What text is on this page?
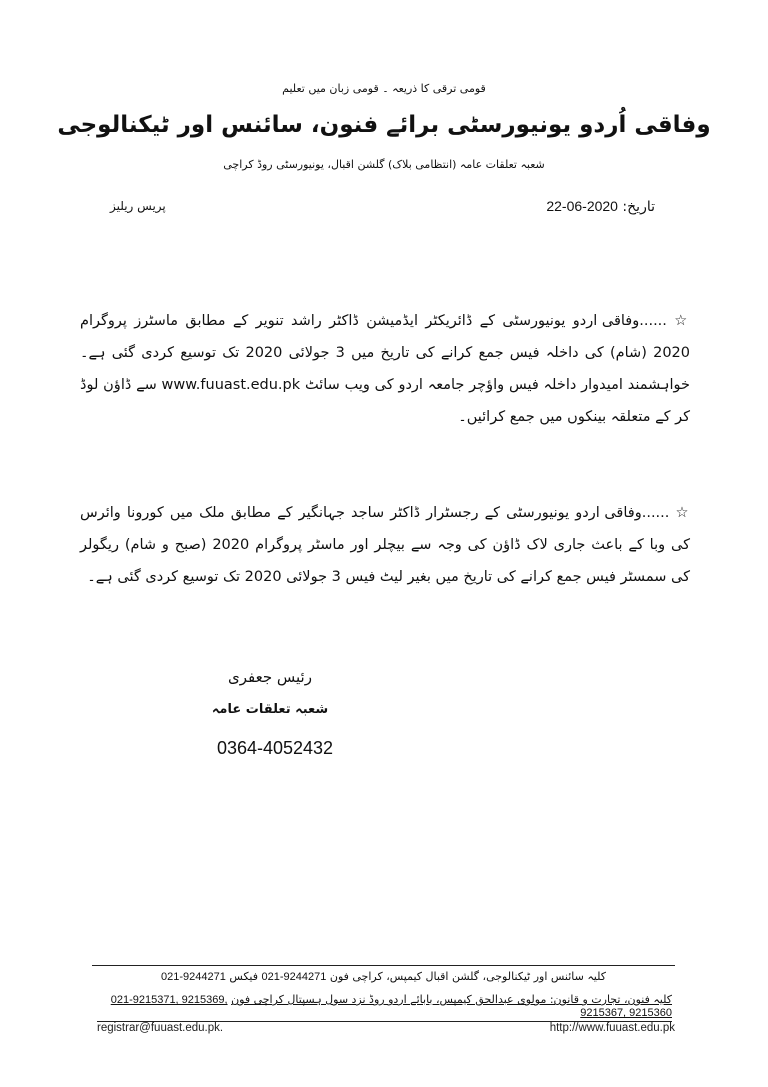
قومی ترقی کا ذریعہ ۔ قومی زبان میں تعلیم
وفاقی اُردو یونیورسٹی برائے فنون، سائنس اور ٹیکنالوجی
شعبہ تعلقات عامہ (انتظامی بلاک) گلشن اقبال، یونیورسٹی روڈ کراچی
تاریخ: 22-06-2020
پریس ریلیز
☆ ......وفاقی اردو یونیورسٹی کے ڈائریکٹر ایڈمیشن ڈاکٹر راشد تنویر کے مطابق ماسٹرز پروگرام 2020 (شام) کی داخلہ فیس جمع کرانے کی تاریخ میں 3 جولائی 2020 تک توسیع کردی گئی ہے۔ خواہشمند امیدوار داخلہ فیس واؤچر جامعہ اردو کی ویب سائٹ www.fuuast.edu.pk سے ڈاؤن لوڈ کر کے متعلقہ بینکوں میں جمع کرائیں۔
☆ ......وفاقی اردو یونیورسٹی کے رجسٹرار ڈاکٹر ساجد جہانگیر کے مطابق ملک میں کورونا وائرس کی وبا کے باعث جاری لاک ڈاؤن کی وجہ سے بیچلر اور ماسٹر پروگرام 2020 (صبح و شام) ریگولر کی سمسٹر فیس جمع کرانے کی تاریخ میں بغیر لیٹ فیس 3 جولائی 2020 تک توسیع کردی گئی ہے۔
رئیس جعفری
شعبہ تعلقات عامہ
0364-4052432
کلیہ سائنس اور ٹیکنالوجی، گلشن اقبال کیمپس، کراچی فون 021-9244271 فیکس 021-9244271
کلیہ فنون، تجارت و قانون: مولوی عبدالحق کیمپس، بابائے اردو روڈ نزد سول ہسپتال کراچی فون 021-9215371, 9215369, 9215367, 9215360
registrar@fuuast.edu.pk.	http://www.fuuast.edu.pk
